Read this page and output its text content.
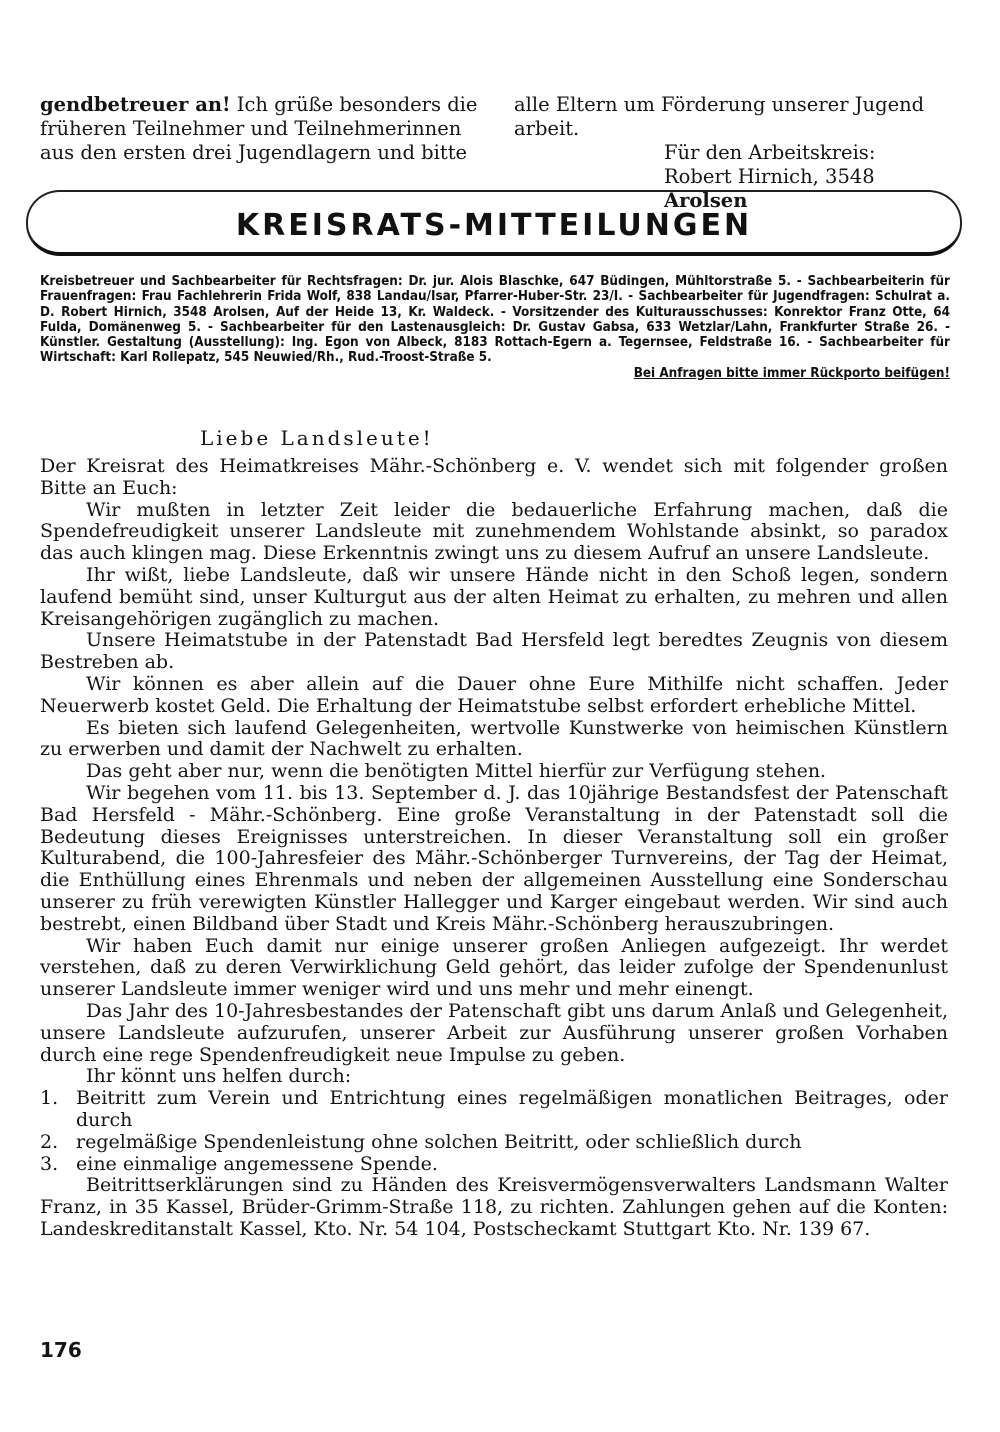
gendbetreuer an! Ich grüße besonders die früheren Teilnehmer und Teilnehmerinnen aus den ersten drei Jugendlagern und bitte
alle Eltern um Förderung unserer Jugend arbeit.
Für den Arbeitskreis:
Robert Hirnich, 3548 Arolsen
KREISRATS-MITTEILUNGEN
Kreisbetreuer und Sachbearbeiter für Rechtsfragen: Dr. jur. Alois Blaschke, 647 Büdingen, Mühltorstraße 5. - Sachbearbeiterin für Frauenfragen: Frau Fachlehrerin Frida Wolf, 838 Landau/Isar, Pfarrer-Huber-Str. 23/I. - Sachbearbeiter für Jugendfragen: Schulrat a. D. Robert Hirnich, 3548 Arolsen, Auf der Heide 13, Kr. Waldeck. - Vorsitzender des Kulturausschusses: Konrektor Franz Otte, 64 Fulda, Domänenweg 5. - Sachbearbeiter für den Lastenausgleich: Dr. Gustav Gabsa, 633 Wetzlar/Lahn, Frankfurter Straße 26. - Künstler. Gestaltung (Ausstellung): Ing. Egon von Albeck, 8183 Rottach-Egern a. Tegernsee, Feldstraße 16. - Sachbearbeiter für Wirtschaft: Karl Rollepatz, 545 Neuwied/Rh., Rud.-Troost-Straße 5.
Bei Anfragen bitte immer Rückporto beifügen!
Liebe Landsleute!

Der Kreisrat des Heimatkreises Mähr.-Schönberg e. V. wendet sich mit folgender großen Bitte an Euch:

Wir mußten in letzter Zeit leider die bedauerliche Erfahrung machen, daß die Spendefreudigkeit unserer Landsleute mit zunehmendem Wohlstande absinkt, so paradox das auch klingen mag. Diese Erkenntnis zwingt uns zu diesem Aufruf an unsere Landsleute.

Ihr wißt, liebe Landsleute, daß wir unsere Hände nicht in den Schoß legen, sondern laufend bemüht sind, unser Kulturgut aus der alten Heimat zu erhalten, zu mehren und allen Kreisangehörigen zugänglich zu machen.

Unsere Heimatstube in der Patenstadt Bad Hersfeld legt beredtes Zeugnis von diesem Bestreben ab.

Wir können es aber allein auf die Dauer ohne Eure Mithilfe nicht schaffen. Jeder Neuerwerb kostet Geld. Die Erhaltung der Heimatstube selbst erfordert erhebliche Mittel.

Es bieten sich laufend Gelegenheiten, wertvolle Kunstwerke von heimischen Künstlern zu erwerben und damit der Nachwelt zu erhalten.

Das geht aber nur, wenn die benötigten Mittel hierfür zur Verfügung stehen.

Wir begehen vom 11. bis 13. September d. J. das 10jährige Bestandsfest der Patenschaft Bad Hersfeld - Mähr.-Schönberg. Eine große Veranstaltung in der Patenstadt soll die Bedeutung dieses Ereignisses unterstreichen. In dieser Veranstaltung soll ein großer Kulturabend, die 100-Jahresfeier des Mähr.-Schönberger Turnvereins, der Tag der Heimat, die Enthüllung eines Ehrenmals und neben der allgemeinen Ausstellung eine Sonderschau unserer zu früh verewigten Künstler Hallegger und Karger eingebaut werden. Wir sind auch bestrebt, einen Bildband über Stadt und Kreis Mähr.-Schönberg herauszubringen.

Wir haben Euch damit nur einige unserer großen Anliegen aufgezeigt. Ihr werdet verstehen, daß zu deren Verwirklichung Geld gehört, das leider zufolge der Spendenunlust unserer Landsleute immer weniger wird und uns mehr und mehr einengt.

Das Jahr des 10-Jahresbestandes der Patenschaft gibt uns darum Anlaß und Gelegenheit, unsere Landsleute aufzurufen, unserer Arbeit zur Ausführung unserer großen Vorhaben durch eine rege Spendenfreudigkeit neue Impulse zu geben.

Ihr könnt uns helfen durch:

1. Beitritt zum Verein und Entrichtung eines regelmäßigen monatlichen Beitrages, oder durch
2. regelmäßige Spendenleistung ohne solchen Beitritt, oder schließlich durch
3. eine einmalige angemessene Spende.

Beitrittserklärungen sind zu Händen des Kreisvermögensverwalters Landsmann Walter Franz, in 35 Kassel, Brüder-Grimm-Straße 118, zu richten. Zahlungen gehen auf die Konten: Landeskreditanstalt Kassel, Kto. Nr. 54 104, Postscheckamt Stuttgart Kto. Nr. 139 67.

176
